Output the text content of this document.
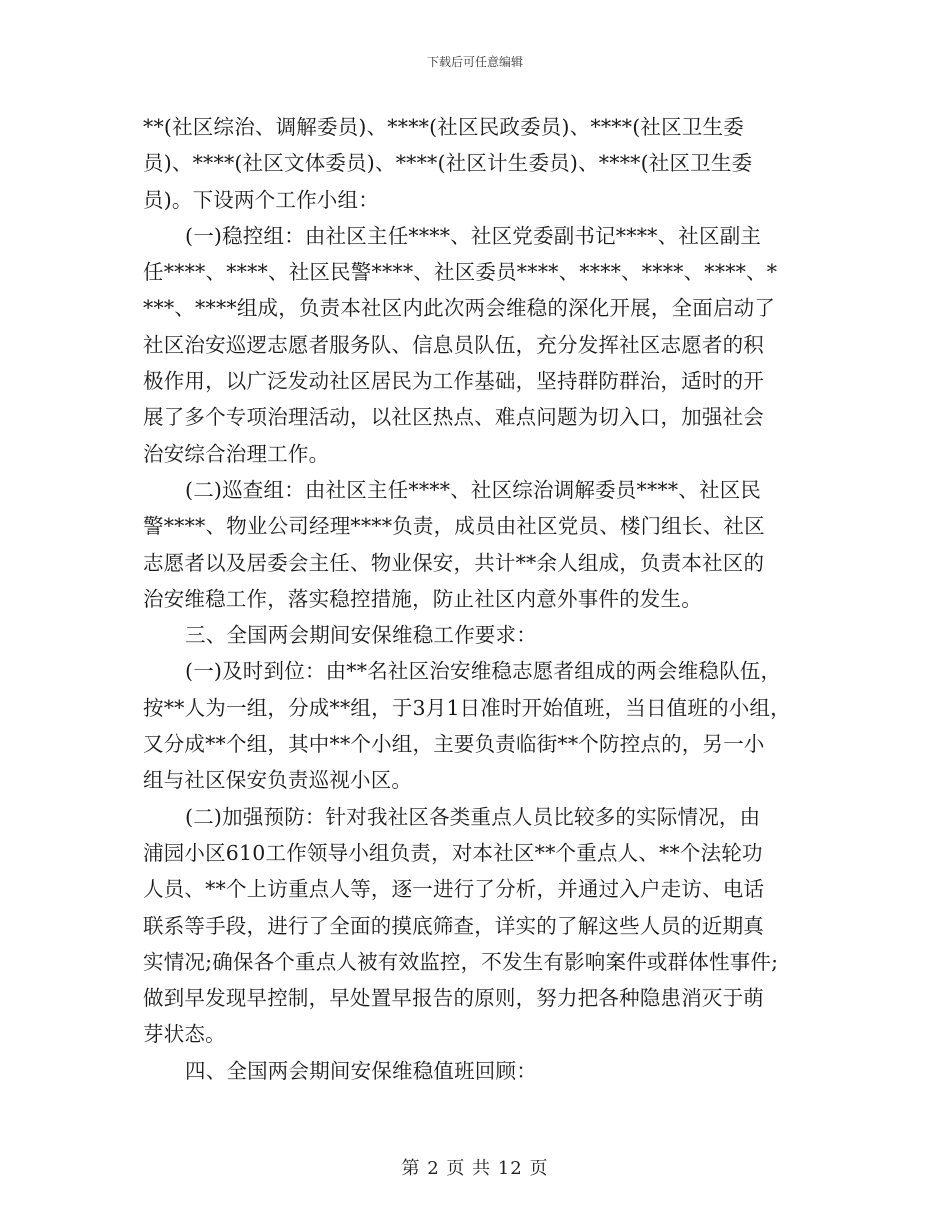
下载后可任意编辑
**(社区综治、调解委员)、****(社区民政委员)、****(社区卫生委
员)、****(社区文体委员)、****(社区计生委员)、****(社区卫生委
员)。下设两个工作小组：
(一)稳控组：由社区主任****、社区党委副书记****、社区副主
任****、****、社区民警****、社区委员****、****、****、****、*
***、****组成，负责本社区内此次两会维稳的深化开展，全面启动了
社区治安巡逻志愿者服务队、信息员队伍，充分发挥社区志愿者的积
极作用，以广泛发动社区居民为工作基础，坚持群防群治，适时的开
展了多个专项治理活动，以社区热点、难点问题为切入口，加强社会
治安综合治理工作。
(二)巡查组：由社区主任****、社区综治调解委员****、社区民
警****、物业公司经理****负责，成员由社区党员、楼门组长、社区
志愿者以及居委会主任、物业保安，共计**余人组成，负责本社区的
治安维稳工作，落实稳控措施，防止社区内意外事件的发生。
三、全国两会期间安保维稳工作要求：
(一)及时到位：由**名社区治安维稳志愿者组成的两会维稳队伍，
按**人为一组，分成**组，于3月1日准时开始值班，当日值班的小组，
又分成**个组，其中**个小组，主要负责临街**个防控点的，另一小
组与社区保安负责巡视小区。
(二)加强预防：针对我社区各类重点人员比较多的实际情况，由
浦园小区610工作领导小组负责，对本社区**个重点人、**个法轮功
人员、**个上访重点人等，逐一进行了分析，并通过入户走访、电话
联系等手段，进行了全面的摸底筛查，详实的了解这些人员的近期真
实情况;确保各个重点人被有效监控，不发生有影响案件或群体性事件;
做到早发现早控制，早处置早报告的原则，努力把各种隐患消灭于萌
芽状态。
四、全国两会期间安保维稳值班回顾：
第 2 页 共 12 页
